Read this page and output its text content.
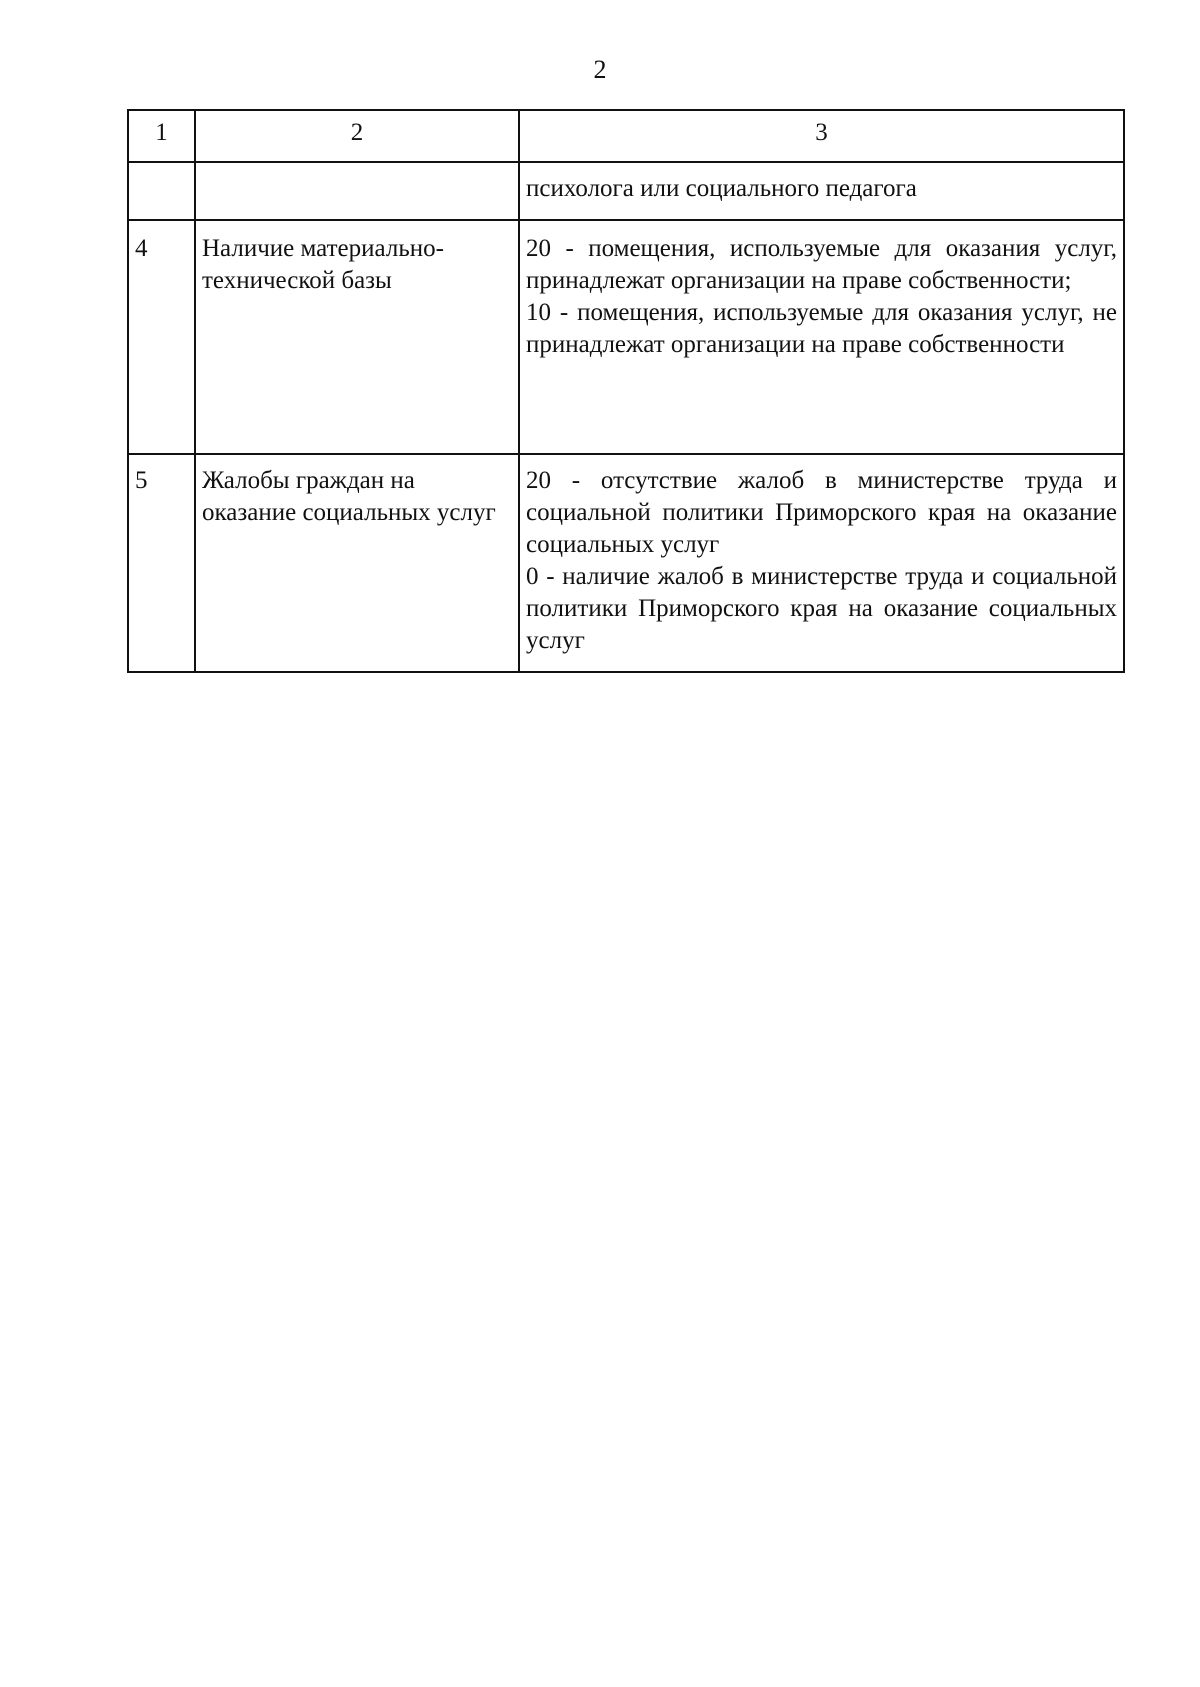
2
1	2	3
		психолога или социального педагога
4	Наличие материально-технической базы	20 - помещения, используемые для оказания услуг, принадлежат организации на праве собственности;
10 - помещения, используемые для оказания услуг, не принадлежат организации на праве собственности

5	Жалобы граждан на оказание социальных услуг	20 - отсутствие жалоб в министерстве труда и социальной политики Приморского края на оказание социальных услуг
0 - наличие жалоб в министерстве труда и социальной политики Приморского края на оказание социальных услуг
